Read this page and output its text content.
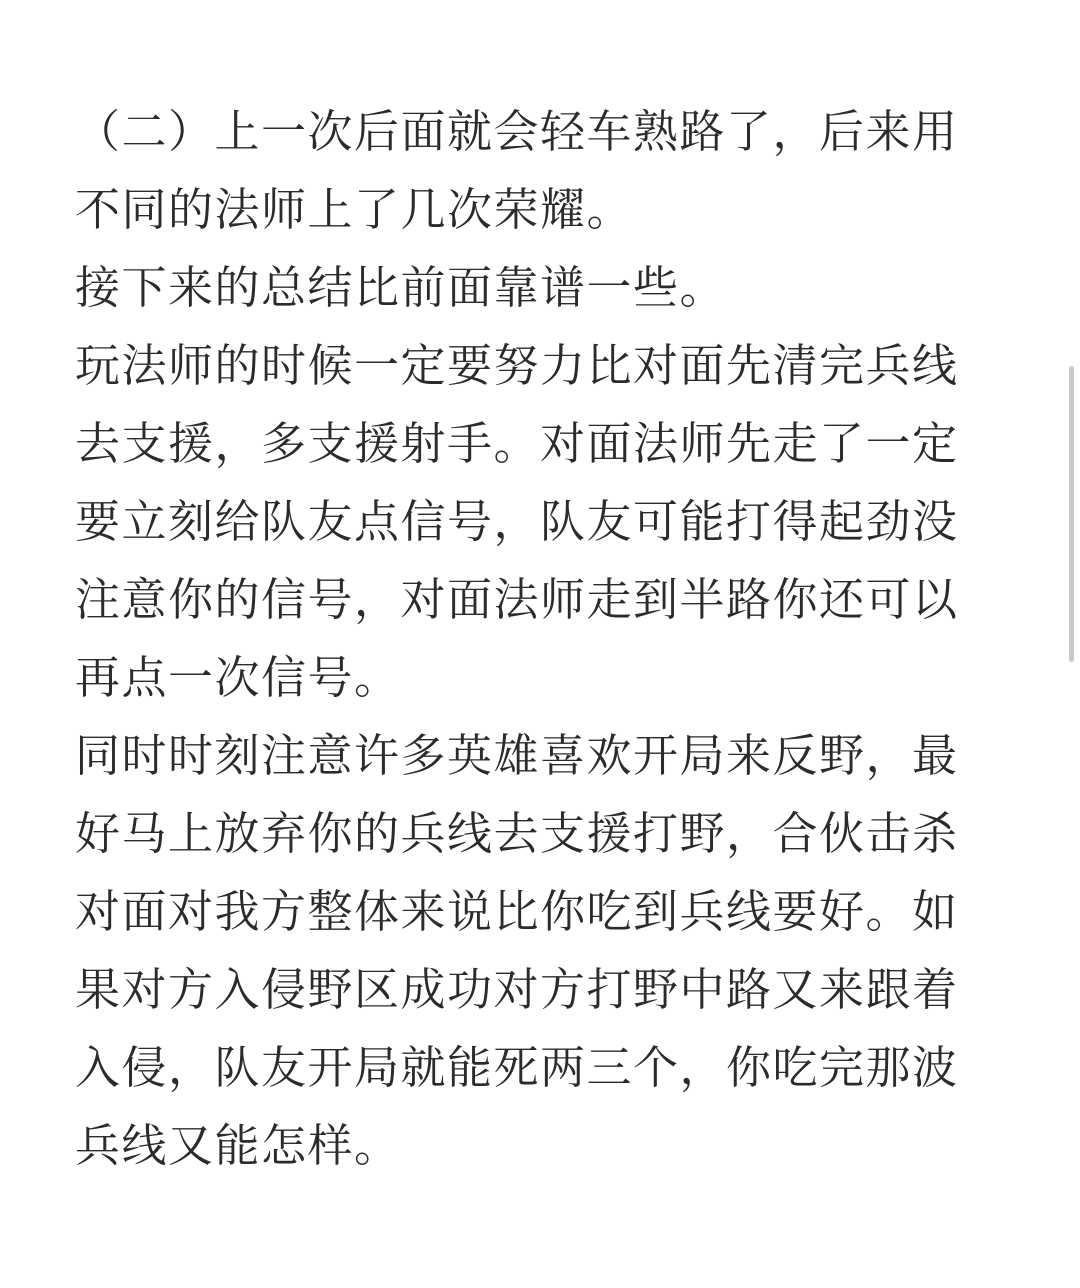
（二）上一次后面就会轻车熟路了，后来用不同的法师上了几次荣耀。

接下来的总结比前面靠谱一些。

玩法师的时候一定要努力比对面先清完兵线去支援，多支援射手。对面法师先走了一定要立刻给队友点信号，队友可能打得起劲没注意你的信号，对面法师走到半路你还可以再点一次信号。

同时时刻注意许多英雄喜欢开局来反野，最好马上放弃你的兵线去支援打野，合伙击杀对面对我方整体来说比你吃到兵线要好。如果对方入侵野区成功对方打野中路又来跟着入侵，队友开局就能死两三个，你吃完那波兵线又能怎样。
